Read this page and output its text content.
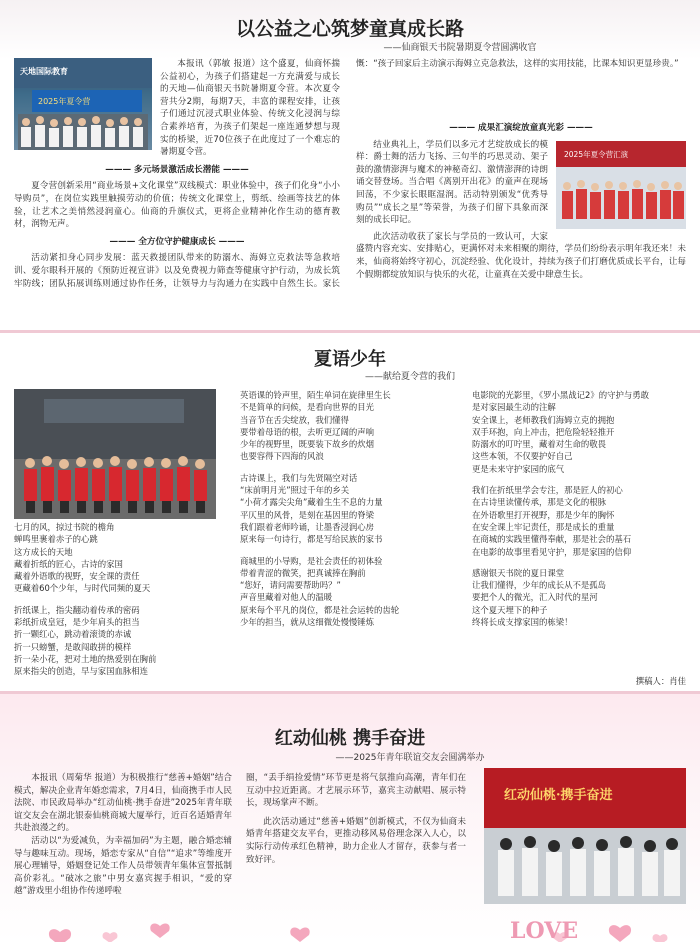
以公益之心筑梦童真成长路
——仙商银天书院暑期夏令营圆满收官
天地国际教育
2025年夏令营

本报讯（郭敏 报道）这个盛夏，仙商怀揣公益初心，为孩子们搭建起一方充满爱与成长的天地—仙商银天书院暑期夏令营。本次夏令营共分2期，每期7天，丰富的课程安排，让孩子们通过沉浸式职业体验、传统文化浸润与综合素养培育，为孩子们架起一座连通梦想与现实的桥梁，近70位孩子在此度过了一个难忘的暑期夏令营。

——— 多元场景激活成长潜能 ———

夏令营创新采用“商业场景+文化课堂”双线模式：职业体验中，孩子们化身“小小导购员”，在岗位实践里触摸劳动的价值；传统文化课堂上，剪纸、绘画等技艺的体验，让艺术之美悄然浸润童心。仙商的升旗仪式，更将企业精神化作生动的德育教材，润物无声。

——— 全方位守护健康成长 ———

活动紧扣身心同步发展：蓝天救援团队带来的防溺水、海姆立克救法等急救培训、爱尔眼科开展的《预防近视宣讲》以及免费视力筛查等健康守护行动，为成长筑牢防线；团队拓展训练则通过协作任务，让领导力与沟通力在实践中自然生长。家长

慨：“孩子回家后主动演示海姆立克急救法，这样的实用技能，比课本知识更显珍贵。”

——— 成果汇演绽放童真光彩 ———
2025年夏令营汇演

结业典礼上，学员们以多元才艺绽放成长的模样：爵士舞的活力飞扬、三句半的巧思灵动、架子鼓的激情澎湃与魔术的神秘奇幻、激情澎湃的诗朗诵交替登场。当合唱《离别开出花》的童声在现场回荡，不少家长眼眶湿润。活动特别颁发“优秀导购员”“成长之星”等荣誉，为孩子们留下具象而深刻的成长印记。

此次活动收获了家长与学员的一致认可，大家盛赞内容充实、安排贴心，更满怀对未来相聚的期待，学员们纷纷表示明年我还来！未来，仙商将始终守初心，沉淀经验、优化设计，持续为孩子们打磨优质成长平台，让每个假期都绽放知识与快乐的火花，让童真在关爱中肆意生长。

夏语少年
——献给夏令营的我们
七月的风，掠过书院的檐角
蝉鸣里裹着赤子的心跳
这方成长的天地
藏着折纸的匠心，古诗的家国
藏着外语歌的视野，安全课的责任
更藏着60个少年，与时代同频的夏天
折纸课上，指尖翻动着传承的密码
彩纸折成皇冠，是少年肩头的担当
折一颗红心，跳动着滚烫的赤诚
折一只螃蟹，是敢闯敢拼的模样
折一朵小花，把对土地的热爱别在胸前
原来指尖的创造，早与家国血脉相连
英语课的铃声里，陌生单词在旋律里生长
不是简单的问候，是看向世界的目光
当音节在舌尖绽放，我们懂得
要带着母语的根，去听更辽阔的声响
少年的视野里，既要装下故乡的炊烟
也要容得下四海的风浪
古诗课上，我们与先贤隔空对话
“床前明月光”照过千年的乡关
“小荷才露尖尖角”藏着生生不息的力量
平仄里的风骨，是刻在基因里的脊梁
我们跟着老师吟诵，让墨香浸润心房
原来每一句诗行，都是写给民族的家书
商城里的小导购，是社会责任的初体验
带着青涩的微笑，把真诚捧在胸前
“您好，请问需要帮助吗？”
声音里藏着对他人的温暖
原来每个平凡的岗位，都是社会运转的齿轮
少年的担当，就从这细微处慢慢锤炼
电影院的光影里，《罗小黑战记2》的守护与勇敢
是对家园最生动的注解
安全课上，老师教我们海姆立克的拥抱
双手环抱，向上冲击，把危险轻轻推开
防溺水的叮咛里，藏着对生命的敬畏
这些本领，不仅要护好自己
更是未来守护家园的底气
我们在折纸里学会专注，那是匠人的初心
在古诗里读懂传承，那是文化的根脉
在外语歌里打开视野，那是少年的胸怀
在安全课上牢记责任，那是成长的重量
在商城的实践里懂得奉献，那是社会的基石
在电影的故事里看见守护，那是家国的信仰
感谢银天书院的夏日课堂
让我们懂得，少年的成长从不是孤岛
要把个人的微光，汇入时代的星河
这个夏天埋下的种子
终将长成支撑家国的栋梁！
撰稿人：肖佳
红动仙桃 携手奋进
——2025年青年联谊交友会圆满举办

本报讯（周菊华 报道）为积极推行“慈善+婚姻”结合模式，解决企业青年婚恋需求，7月4日，仙商携手市人民法院、市民政局举办“红动仙桃·携手奋进”2025年青年联谊交友会在湖北银泰仙桃商城大厦举行，近百名适婚青年共赴浪漫之约。

活动以“为爱减负，为幸福加码”为主题，融合婚恋辅导与趣味互动。现场，婚恋专家从“自信”“追求”等维度开展心理辅导，婚姻登记处工作人员带领青年集体宣誓抵制高价彩礼。“破冰之旅”中男女嘉宾握手相识，“爱的穿越”游戏里小组协作传递呼啦

圈，“丢手绢捡爱情”环节更是将气氛推向高潮，青年们在互动中拉近距离。才艺展示环节，嘉宾主动献唱、展示特长，现场掌声不断。

此次活动通过“慈善+婚姻”创新模式，不仅为仙商未婚青年搭建交友平台，更推动移风易俗理念深入人心，以实际行动传承红色精神，助力企业人才留存，获参与者一致好评。

红动仙桃·携手奋进
LOVE
